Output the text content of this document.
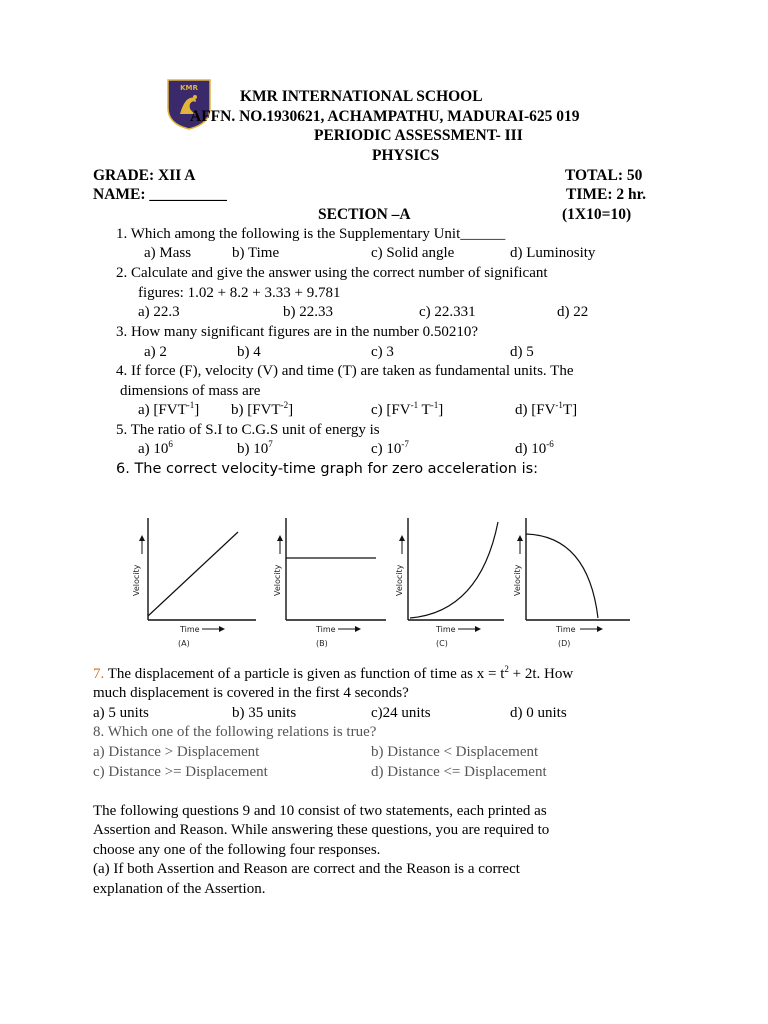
KMR	KMR INTERNATIONAL SCHOOL
AFFN. NO.1930621, ACHAMPATHU, MADURAI-625 019
PERIODIC ASSESSMENT- III
PHYSICS
GRADE: XII A	TOTAL: 50
NAME: __________	TIME: 2 hr.
SECTION –A	(1X10=10)
1. Which among the following is the Supplementary Unit______
a) Mass	b) Time	c) Solid angle	d) Luminosity
2. Calculate and give the answer using the correct number of significant
figures: 1.02 + 8.2 + 3.33 + 9.781
a) 22.3	b) 22.33	c) 22.331	d) 22
3. How many significant figures are in the number 0.50210?
a) 2	b) 4	c) 3	d) 5
4. If force (F), velocity (V) and time (T) are taken as fundamental units. The
dimensions of mass are
a) $[FVT^{-1}]$ b) $[FVT^{-2}]$	c) [$FV^{-1}$ $T^{-1}$]	d) $[FV^{-1}T]$
5. The ratio of S.I to C.G.S unit of energy is
a) $10^6$	b) $10^7$	c) $10^{-7}$	d) $10^{-6}$
6. The correct velocity-time graph for zero acceleration is:
Velocity
Time
(A)
Velocity
Time
(B)
Velocity
Time
(C)
Velocity
Time
(D)
7. The displacement of a particle is given as function of time as $x = t^2 + 2t$. How
much displacement is covered in the first 4 seconds?
a) 5 units	b) 35 units	c)24 units	d) 0 units
8. Which one of the following relations is true?
a) Distance > Displacement	b) Distance < Displacement
c) Distance >= Displacement	d) Distance <= Displacement
The following questions 9 and 10 consist of two statements, each printed as
Assertion and Reason. While answering these questions, you are required to
choose any one of the following four responses.
(a) If both Assertion and Reason are correct and the Reason is a correct
explanation of the Assertion.
